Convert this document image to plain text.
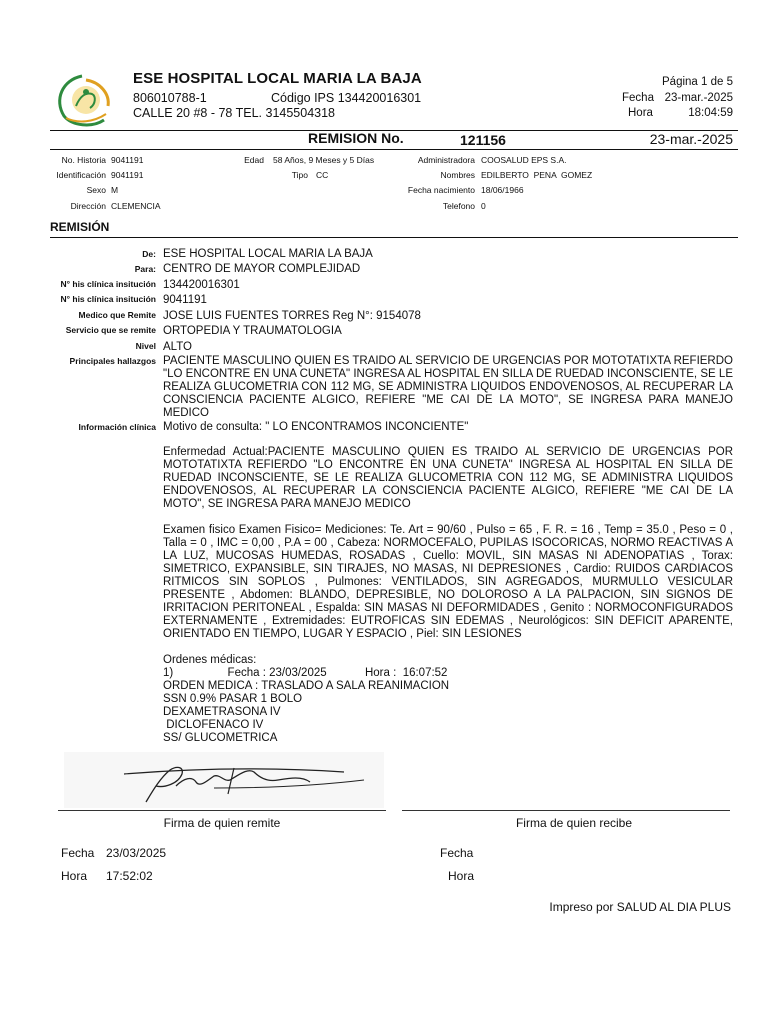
ESE HOSPITAL LOCAL MARIA LA BAJA
806010788-1	Código IPS 134420016301
CALLE 20 #8 - 78 TEL. 3145504318
Página 1 de 5
Fecha 23-mar.-2025
Hora	18:04:59
REMISION No.	121156	23-mar.-2025
No. Historia 9041191
Identificación 9041191
Sexo M
Dirección CLEMENCIA
Edad 58 Años, 9 Meses y 5 Días
Tipo CC
Administradora COOSALUD EPS S.A.
Nombres EDILBERTO  PENA  GOMEZ
Fecha nacimiento 18/06/1966
Telefono 0
REMISIÓN
De: ESE HOSPITAL LOCAL MARIA LA BAJA
Para: CENTRO DE MAYOR COMPLEJIDAD
N° his clínica insitución 134420016301
N° his clínica insitución 9041191
Medico que Remite JOSE LUIS FUENTES TORRES Reg N°: 9154078
Servicio que se remite ORTOPEDIA Y TRAUMATOLOGIA
Nivel ALTO
Principales hallazgos PACIENTE MASCULINO QUIEN ES TRAIDO AL SERVICIO DE URGENCIAS POR MOTOTATIXTA REFIERDO "LO ENCONTRE EN UNA CUNETA" INGRESA AL HOSPITAL EN SILLA DE RUEDAD INCONSCIENTE, SE LE REALIZA GLUCOMETRIA CON 112 MG, SE ADMINISTRA LIQUIDOS ENDOVENOSOS, AL RECUPERAR LA CONSCIENCIA PACIENTE ALGICO, REFIERE "ME CAI DE LA MOTO", SE INGRESA PARA MANEJO MEDICO
Información clínica Motivo de consulta: " LO ENCONTRAMOS INCONCIENTE"
Enfermedad Actual:PACIENTE MASCULINO QUIEN ES TRAIDO AL SERVICIO DE URGENCIAS POR MOTOTATIXTA REFIERDO "LO ENCONTRE EN UNA CUNETA" INGRESA AL HOSPITAL EN SILLA DE RUEDAD INCONSCIENTE, SE LE REALIZA GLUCOMETRIA CON 112 MG, SE ADMINISTRA LIQUIDOS ENDOVENOSOS, AL RECUPERAR LA CONSCIENCIA PACIENTE ALGICO, REFIERE "ME CAI DE LA MOTO", SE INGRESA PARA MANEJO MEDICO
Examen fisico Examen Fisico= Mediciones: Te. Art = 90/60 , Pulso = 65 , F. R. = 16 , Temp = 35.0 , Peso = 0 , Talla = 0 , IMC = 0,00 , P.A = 00 , Cabeza: NORMOCEFALO, PUPILAS ISOCORICAS, NORMO REACTIVAS A LA LUZ, MUCOSAS HUMEDAS, ROSADAS , Cuello: MOVIL, SIN MASAS NI ADENOPATIAS , Torax: SIMETRICO, EXPANSIBLE, SIN TIRAJES, NO MASAS, NI DEPRESIONES , Cardio: RUIDOS CARDIACOS RITMICOS SIN SOPLOS , Pulmones: VENTILADOS, SIN AGREGADOS, MURMULLO VESICULAR PRESENTE , Abdomen: BLANDO, DEPRESIBLE, NO DOLOROSO A LA PALPACION, SIN SIGNOS DE IRRITACION PERITONEAL , Espalda: SIN MASAS NI DEFORMIDADES , Genito : NORMOCONFIGURADOS EXTERNAMENTE , Extremidades: EUTROFICAS SIN EDEMAS , Neurológicos: SIN DEFICIT APARENTE, ORIENTADO EN TIEMPO, LUGAR Y ESPACIO , Piel: SIN LESIONES
Ordenes médicas:
1)                 Fecha : 23/03/2025            Hora :  16:07:52
ORDEN MEDICA : TRASLADO A SALA REANIMACION
SSN 0.9% PASAR 1 BOLO
DEXAMETRASONA IV
DICLOFENACO IV
SS/ GLUCOMETRICA
Firma de quien remite	Firma de quien recibe
Fecha 23/03/2025
Hora 17:52:02
Fecha
Hora
Impreso por SALUD AL DIA PLUS
